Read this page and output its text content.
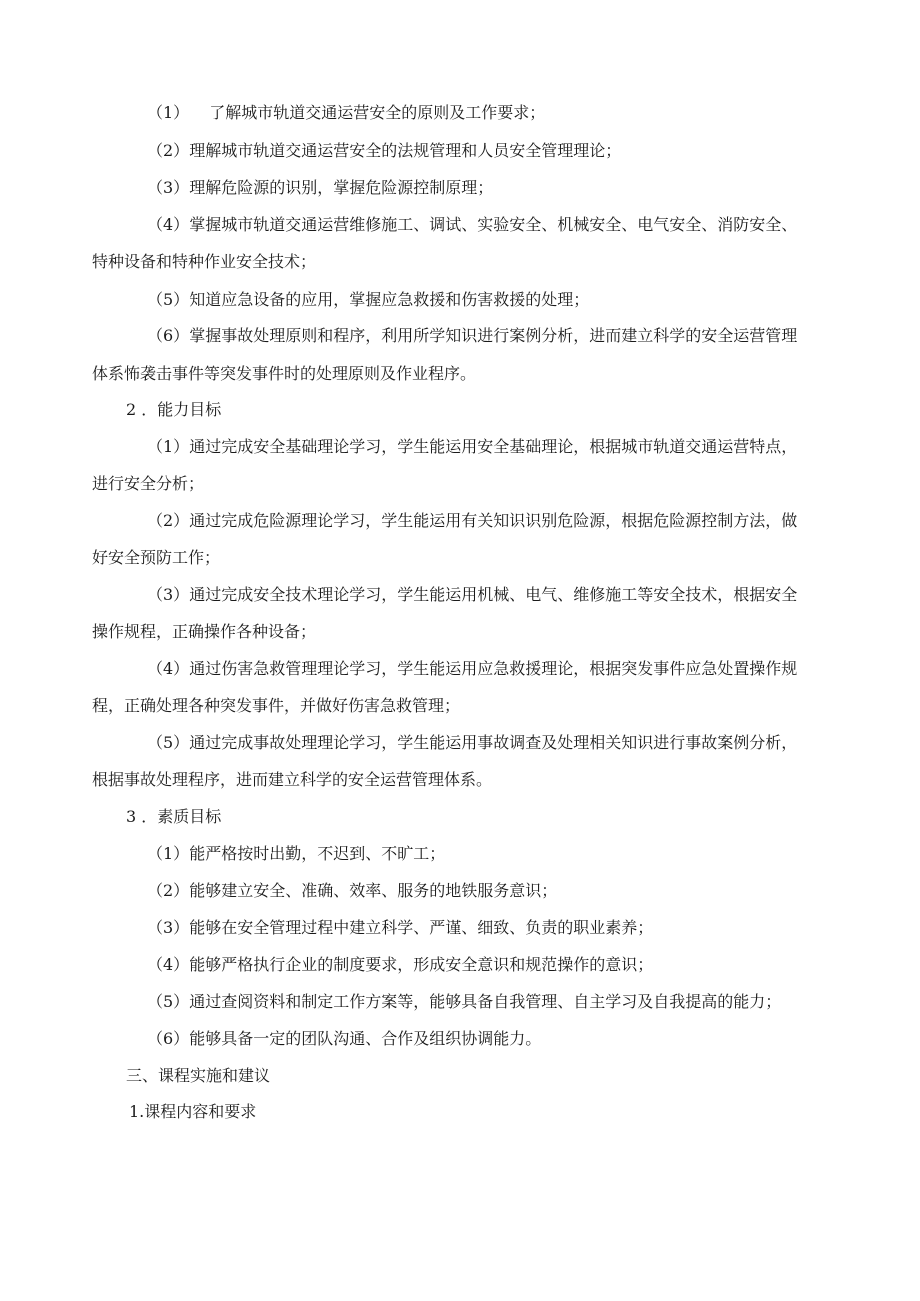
（1） 了解城市轨道交通运营安全的原则及工作要求；
（2）理解城市轨道交通运营安全的法规管理和人员安全管理理论；
（3）理解危险源的识别，掌握危险源控制原理；
（4）掌握城市轨道交通运营维修施工、调试、实验安全、机械安全、电气安全、消防安全、
特种设备和特种作业安全技术；
（5）知道应急设备的应用，掌握应急救援和伤害救援的处理；
（6）掌握事故处理原则和程序，利用所学知识进行案例分析，进而建立科学的安全运营管理
体系怖袭击事件等突发事件时的处理原则及作业程序。
2 ．能力目标
（1）通过完成安全基础理论学习，学生能运用安全基础理论，根据城市轨道交通运营特点，
进行安全分析；
（2）通过完成危险源理论学习，学生能运用有关知识识别危险源，根据危险源控制方法，做
好安全预防工作；
（3）通过完成安全技术理论学习，学生能运用机械、电气、维修施工等安全技术，根据安全
操作规程，正确操作各种设备；
（4）通过伤害急救管理理论学习，学生能运用应急救援理论，根据突发事件应急处置操作规
程，正确处理各种突发事件，并做好伤害急救管理；
（5）通过完成事故处理理论学习，学生能运用事故调查及处理相关知识进行事故案例分析，
根据事故处理程序，进而建立科学的安全运营管理体系。
3 ．素质目标
（1）能严格按时出勤，不迟到、不旷工；
（2）能够建立安全、准确、效率、服务的地铁服务意识；
（3）能够在安全管理过程中建立科学、严谨、细致、负责的职业素养；
（4）能够严格执行企业的制度要求，形成安全意识和规范操作的意识；
（5）通过查阅资料和制定工作方案等，能够具备自我管理、自主学习及自我提高的能力；
（6）能够具备一定的团队沟通、合作及组织协调能力。
三、课程实施和建议
1.课程内容和要求
